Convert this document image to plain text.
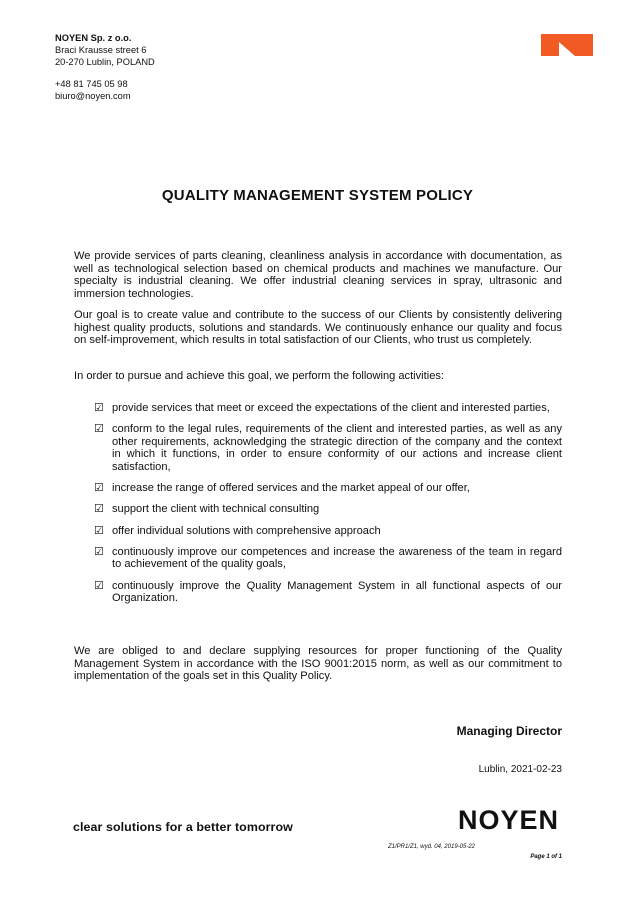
NOYEN Sp. z o.o.
Braci Krausse street 6
20-270 Lublin, POLAND
+48 81 745 05 98
biuro@noyen.com
QUALITY MANAGEMENT SYSTEM POLICY
We provide services of parts cleaning, cleanliness analysis in accordance with documentation, as well as technological selection based on chemical products and machines we manufacture. Our specialty is industrial cleaning. We offer industrial cleaning services in spray, ultrasonic and immersion technologies.
Our goal is to create value and contribute to the success of our Clients by consistently delivering highest quality products, solutions and standards. We continuously enhance our quality and focus on self-improvement, which results in total satisfaction of our Clients, who trust us completely.
In order to pursue and achieve this goal, we perform the following activities:
☑ provide services that meet or exceed the expectations of the client and interested parties,
☑ conform to the legal rules, requirements of the client and interested parties, as well as any other requirements, acknowledging the strategic direction of the company and the context in which it functions, in order to ensure conformity of our actions and increase client satisfaction,
☑ increase the range of offered services and the market appeal of our offer,
☑ support the client with technical consulting
☑ offer individual solutions with comprehensive approach
☑ continuously improve our competences and increase the awareness of the team in regard to achievement of the quality goals,
☑ continuously improve the Quality Management System in all functional aspects of our Organization.
We are obliged to and declare supplying resources for proper functioning of the Quality Management System in accordance with the ISO 9001:2015 norm, as well as our commitment to implementation of the goals set in this Quality Policy.
Managing Director
Lublin, 2021-02-23
clear solutions for a better tomorrow	NOYEN
Z1/PR1/Z1, wyd. 04, 2019-05-22
Page 1 of 1
